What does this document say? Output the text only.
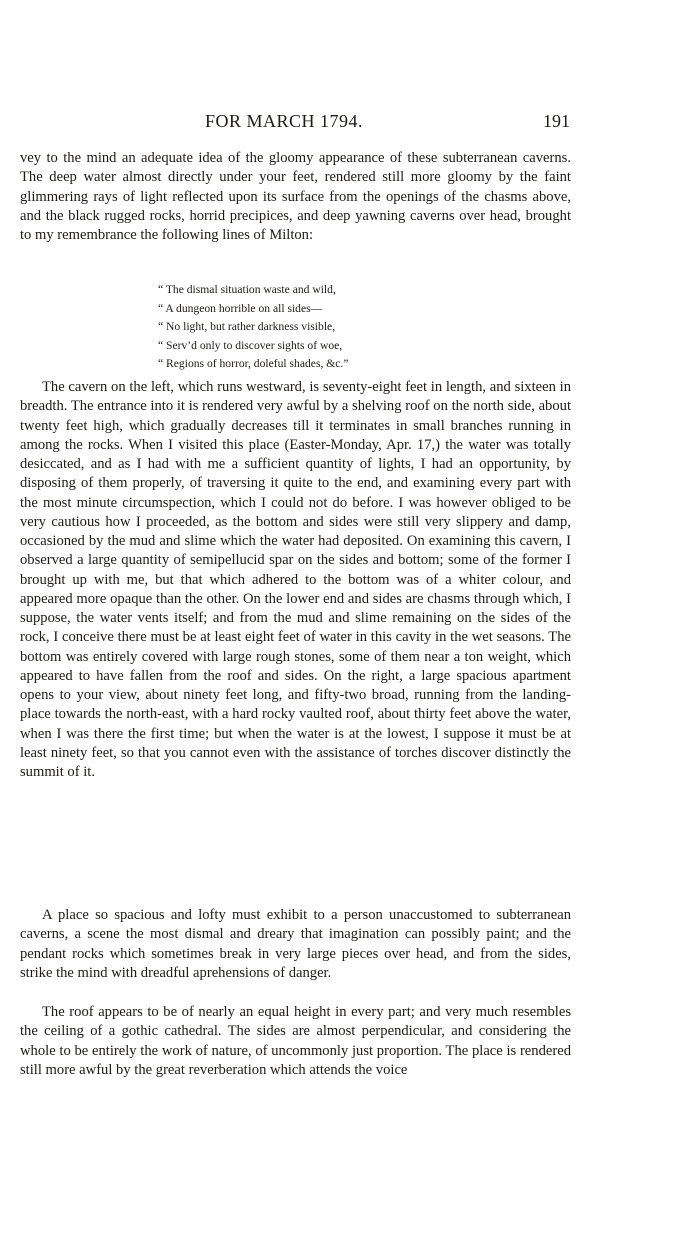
FOR MARCH 1794.	191

vey to the mind an adequate idea of the gloomy appearance of these subterranean caverns. The deep water almost directly under your feet, rendered still more gloomy by the faint glimmering rays of light reflected upon its surface from the openings of the chasms above, and the black rugged rocks, horrid precipices, and deep yawning caverns over head, brought to my remembrance the following lines of Milton:

“ The dismal situation waste and wild,
“ A dungeon horrible on all sides—
“ No light, but rather darkness visible,
“ Serv’d only to discover sights of woe,
“ Regions of horror, doleful shades, &c.”

The cavern on the left, which runs westward, is seventy-eight feet in length, and sixteen in breadth. The entrance into it is rendered very awful by a shelving roof on the north side, about twenty feet high, which gradually decreases till it terminates in small branches running in among the rocks. When I visited this place (Easter-Monday, Apr. 17,) the water was totally desiccated, and as I had with me a sufficient quantity of lights, I had an opportunity, by disposing of them properly, of traversing it quite to the end, and examining every part with the most minute circumspection, which I could not do before. I was however obliged to be very cautious how I proceeded, as the bottom and sides were still very slippery and damp, occasioned by the mud and slime which the water had deposited. On examining this cavern, I observed a large quantity of semipellucid spar on the sides and bottom; some of the former I brought up with me, but that which adhered to the bottom was of a whiter colour, and appeared more opaque than the other. On the lower end and sides are chasms through which, I suppose, the water vents itself; and from the mud and slime remaining on the sides of the rock, I conceive there must be at least eight feet of water in this cavity in the wet seasons. The bottom was entirely covered with large rough stones, some of them near a ton weight, which appeared to have fallen from the roof and sides. On the right, a large spacious apartment opens to your view, about ninety feet long, and fifty-two broad, running from the landing-place towards the north-east, with a hard rocky vaulted roof, about thirty feet above the water, when I was there the first time; but when the water is at the lowest, I suppose it must be at least ninety feet, so that you cannot even with the assistance of torches discover distinctly the summit of it.

A place so spacious and lofty must exhibit to a person unaccustomed to subterranean caverns, a scene the most dismal and dreary that imagination can possibly paint; and the pendant rocks which sometimes break in very large pieces over head, and from the sides, strike the mind with dreadful aprehensions of danger.

The roof appears to be of nearly an equal height in every part; and very much resembles the ceiling of a gothic cathedral. The sides are almost perpendicular, and considering the whole to be entirely the work of nature, of uncommonly just proportion. The place is rendered still more awful by the great reverberation which attends the voice
